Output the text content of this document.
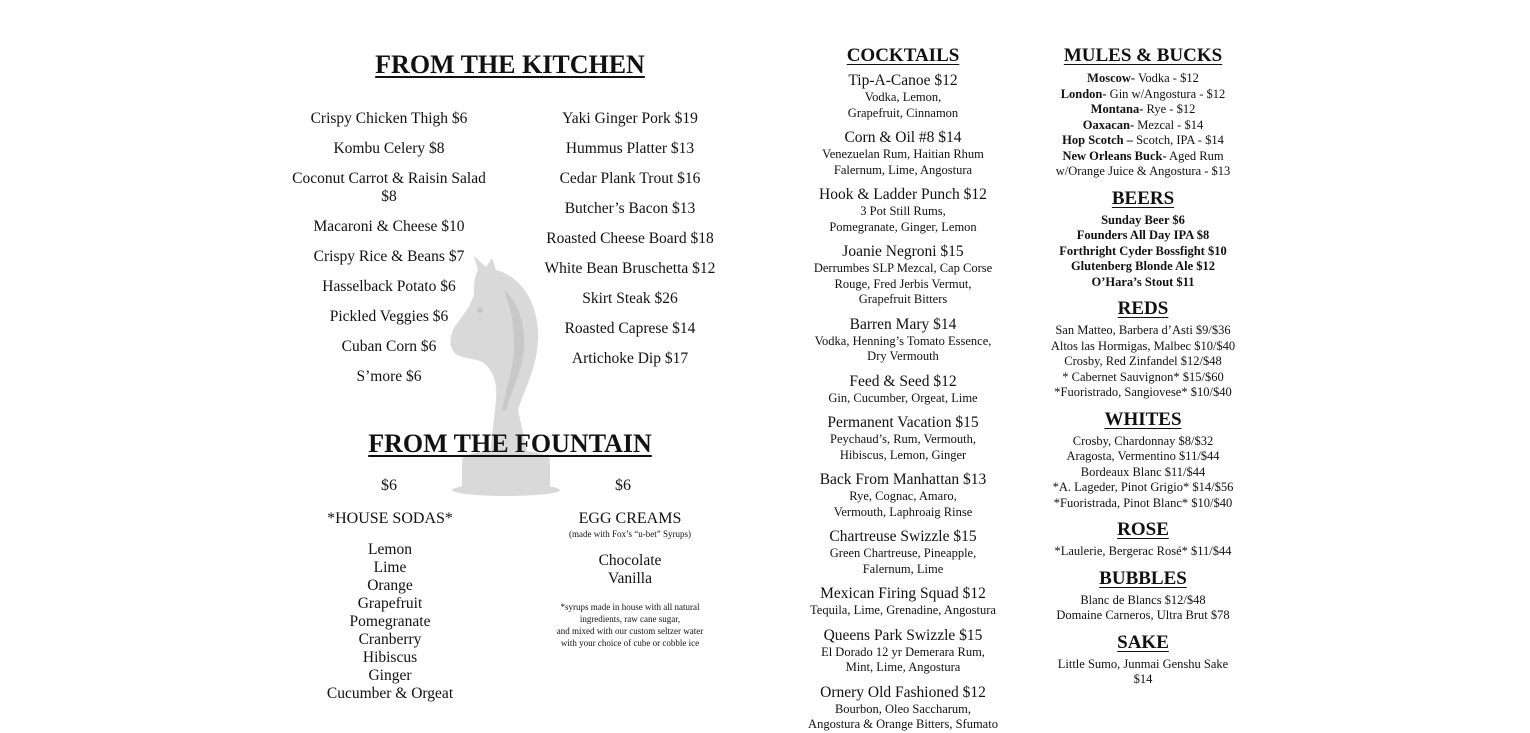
FROM THE KITCHEN
Crispy Chicken Thigh $6
Kombu Celery $8
Coconut Carrot & Raisin Salad $8
Macaroni & Cheese $10
Crispy Rice & Beans $7
Hasselback Potato $6
Pickled Veggies $6
Cuban Corn $6
S’more $6
Yaki Ginger Pork $19
Hummus Platter $13
Cedar Plank Trout $16
Butcher’s Bacon $13
Roasted Cheese Board $18
White Bean Bruschetta $12
Skirt Steak $26
Roasted Caprese $14
Artichoke Dip $17
FROM THE FOUNTAIN
$6	$6
*HOUSE SODAS*
Lemon
Lime
Orange
Grapefruit
Pomegranate
Cranberry
Hibiscus
Ginger
Cucumber & Orgeat
EGG CREAMS
(made with Fox’s “u-bet” Syrups)
Chocolate
Vanilla
*syrups made in house with all natural
ingredients, raw cane sugar,
and mixed with our custom seltzer water
with your choice of cube or cobble ice
COCKTAILS
Tip-A-Canoe $12
Vodka, Lemon,
Grapefruit, Cinnamon
Corn & Oil #8 $14
Venezuelan Rum, Haitian Rhum
Falernum, Lime, Angostura
Hook & Ladder Punch $12
3 Pot Still Rums,
Pomegranate, Ginger, Lemon
Joanie Negroni $15
Derrumbes SLP Mezcal, Cap Corse
Rouge, Fred Jerbis Vermut,
Grapefruit Bitters
Barren Mary $14
Vodka, Henning’s Tomato Essence,
Dry Vermouth
Feed & Seed $12
Gin, Cucumber, Orgeat, Lime
Permanent Vacation $15
Peychaud’s, Rum, Vermouth,
Hibiscus, Lemon, Ginger
Back From Manhattan $13
Rye, Cognac, Amaro,
Vermouth, Laphroaig Rinse
Chartreuse Swizzle $15
Green Chartreuse, Pineapple,
Falernum, Lime
Mexican Firing Squad $12
Tequila, Lime, Grenadine, Angostura
Queens Park Swizzle $15
El Dorado 12 yr Demerara Rum,
Mint, Lime, Angostura
Ornery Old Fashioned $12
Bourbon, Oleo Saccharum,
Angostura & Orange Bitters, Sfumato
MULES & BUCKS
Moscow- Vodka - $12
London- Gin w/Angostura - $12
Montana- Rye - $12
Oaxacan- Mezcal - $14
Hop Scotch – Scotch, IPA - $14
New Orleans Buck- Aged Rum
w/Orange Juice & Angostura - $13
BEERS
Sunday Beer $6
Founders All Day IPA $8
Forthright Cyder Bossfight $10
Glutenberg Blonde Ale $12
O’Hara’s Stout $11
REDS
San Matteo, Barbera d’Asti $9/$36
Altos las Hormigas, Malbec $10/$40
Crosby, Red Zinfandel $12/$48
* Cabernet Sauvignon* $15/$60
*Fuoristrado, Sangiovese* $10/$40
WHITES
Crosby, Chardonnay $8/$32
Aragosta, Vermentino $11/$44
Bordeaux Blanc $11/$44
*A. Lageder, Pinot Grigio* $14/$56
*Fuoristrada, Pinot Blanc* $10/$40
ROSE
*Laulerie, Bergerac Rosé* $11/$44
BUBBLES
Blanc de Blancs $12/$48
Domaine Carneros, Ultra Brut $78
SAKE
Little Sumo, Junmai Genshu Sake
$14
